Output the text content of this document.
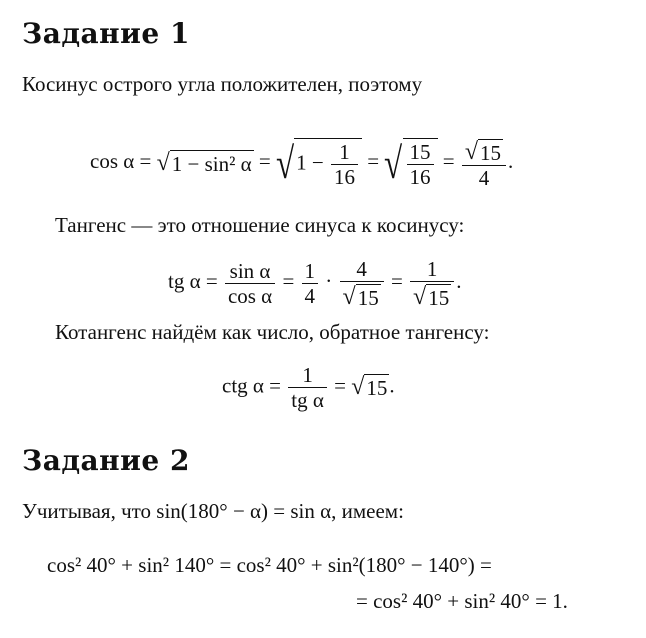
Задание 1
Косинус острого угла положителен, поэтому
cos α = √1 − sin² $\alpha = √1 - \frac{1}{16}$ = √ $\frac{15}{16} = \frac{√15}{4}$ .
Тангенс — это отношение синуса к косинусу:
tg $\alpha = \frac{\text{sin α}}{\text{cos α}} = \frac{1}{4} \cdot \frac{4}{√15} = \frac{1}{√15}$ .
Котангенс найдём как число, обратное тангенсу:
ctg $\alpha = \frac{1}{\text{tg α}} = √15$.
Задание 2
Учитывая, что sin(180° − α) = sin α, имеем:
cos² 40° + sin² 140° = cos² 40° + sin²(180° − 140°) =
= cos² 40° + sin² 40° = 1.
